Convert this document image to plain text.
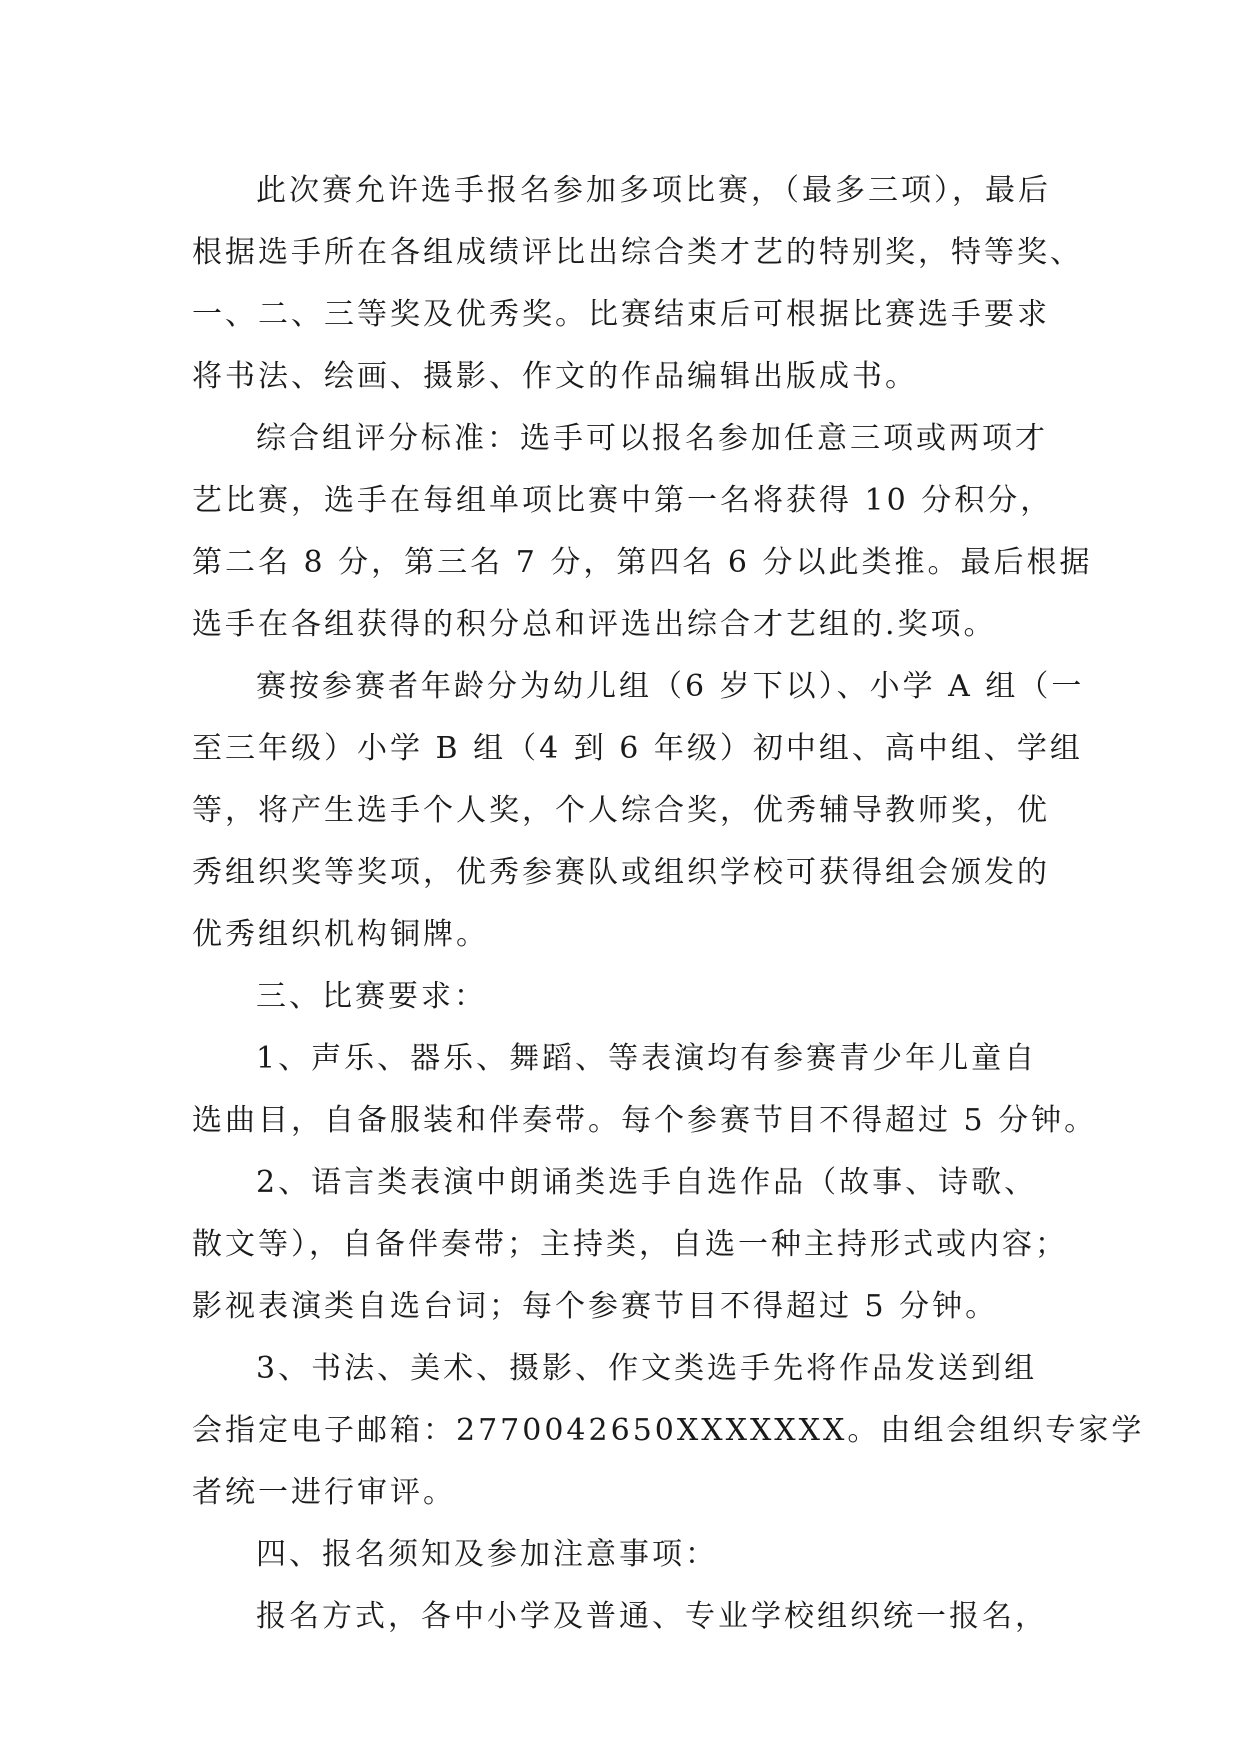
此次赛允许选手报名参加多项比赛，（最多三项），最后
根据选手所在各组成绩评比出综合类才艺的特别奖，特等奖、
一、二、三等奖及优秀奖。比赛结束后可根据比赛选手要求
将书法、绘画、摄影、作文的作品编辑出版成书。
综合组评分标准：选手可以报名参加任意三项或两项才
艺比赛，选手在每组单项比赛中第一名将获得 10 分积分，
第二名 8 分，第三名 7 分，第四名 6 分以此类推。最后根据
选手在各组获得的积分总和评选出综合才艺组的.奖项。
赛按参赛者年龄分为幼儿组（6 岁下以）、小学 A 组（一
至三年级）小学 B 组（4 到 6 年级）初中组、高中组、学组
等，将产生选手个人奖，个人综合奖，优秀辅导教师奖，优
秀组织奖等奖项，优秀参赛队或组织学校可获得组会颁发的
优秀组织机构铜牌。
三、比赛要求：
1、声乐、器乐、舞蹈、等表演均有参赛青少年儿童自
选曲目，自备服装和伴奏带。每个参赛节目不得超过 5 分钟。
2、语言类表演中朗诵类选手自选作品（故事、诗歌、
散文等），自备伴奏带；主持类，自选一种主持形式或内容；
影视表演类自选台词；每个参赛节目不得超过 5 分钟。
3、书法、美术、摄影、作文类选手先将作品发送到组
会指定电子邮箱：2770042650XXXXXXX。由组会组织专家学
者统一进行审评。
四、报名须知及参加注意事项：
报名方式，各中小学及普通、专业学校组织统一报名，
